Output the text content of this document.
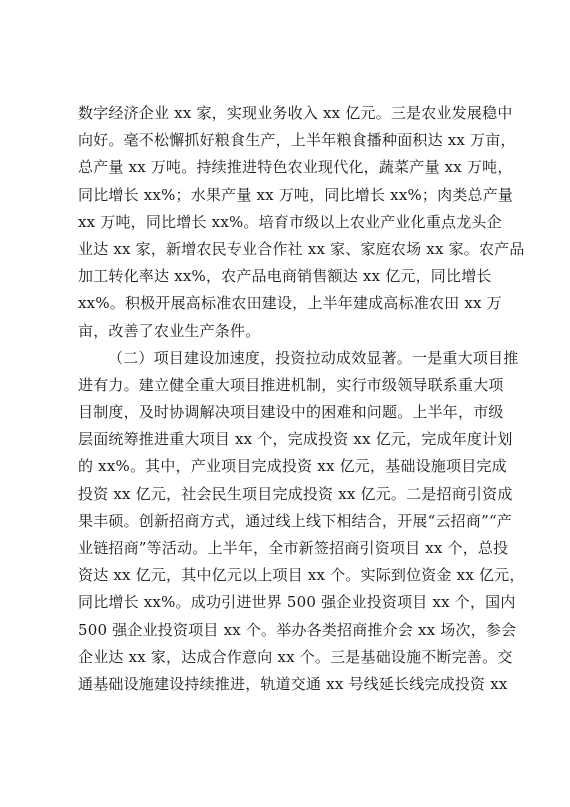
数字经济企业 xx 家，实现业务收入 xx 亿元。三是农业发展稳中
向好。毫不松懈抓好粮食生产，上半年粮食播种面积达 xx 万亩，
总产量 xx 万吨。持续推进特色农业现代化，蔬菜产量 xx 万吨，
同比增长 xx%；水果产量 xx 万吨，同比增长 xx%；肉类总产量
xx 万吨，同比增长 xx%。培育市级以上农业产业化重点龙头企
业达 xx 家，新增农民专业合作社 xx 家、家庭农场 xx 家。农产品
加工转化率达 xx%，农产品电商销售额达 xx 亿元，同比增长
xx%。积极开展高标准农田建设，上半年建成高标准农田 xx 万
亩，改善了农业生产条件。
（二）项目建设加速度，投资拉动成效显著。一是重大项目推
进有力。建立健全重大项目推进机制，实行市级领导联系重大项
目制度，及时协调解决项目建设中的困难和问题。上半年，市级
层面统筹推进重大项目 xx 个，完成投资 xx 亿元，完成年度计划
的 xx%。其中，产业项目完成投资 xx 亿元，基础设施项目完成
投资 xx 亿元，社会民生项目完成投资 xx 亿元。二是招商引资成
果丰硕。创新招商方式，通过线上线下相结合，开展“云招商”“产
业链招商”等活动。上半年，全市新签招商引资项目 xx 个，总投
资达 xx 亿元，其中亿元以上项目 xx 个。实际到位资金 xx 亿元，
同比增长 xx%。成功引进世界 500 强企业投资项目 xx 个，国内
500 强企业投资项目 xx 个。举办各类招商推介会 xx 场次，参会
企业达 xx 家，达成合作意向 xx 个。三是基础设施不断完善。交
通基础设施建设持续推进，轨道交通 xx 号线延长线完成投资 xx
